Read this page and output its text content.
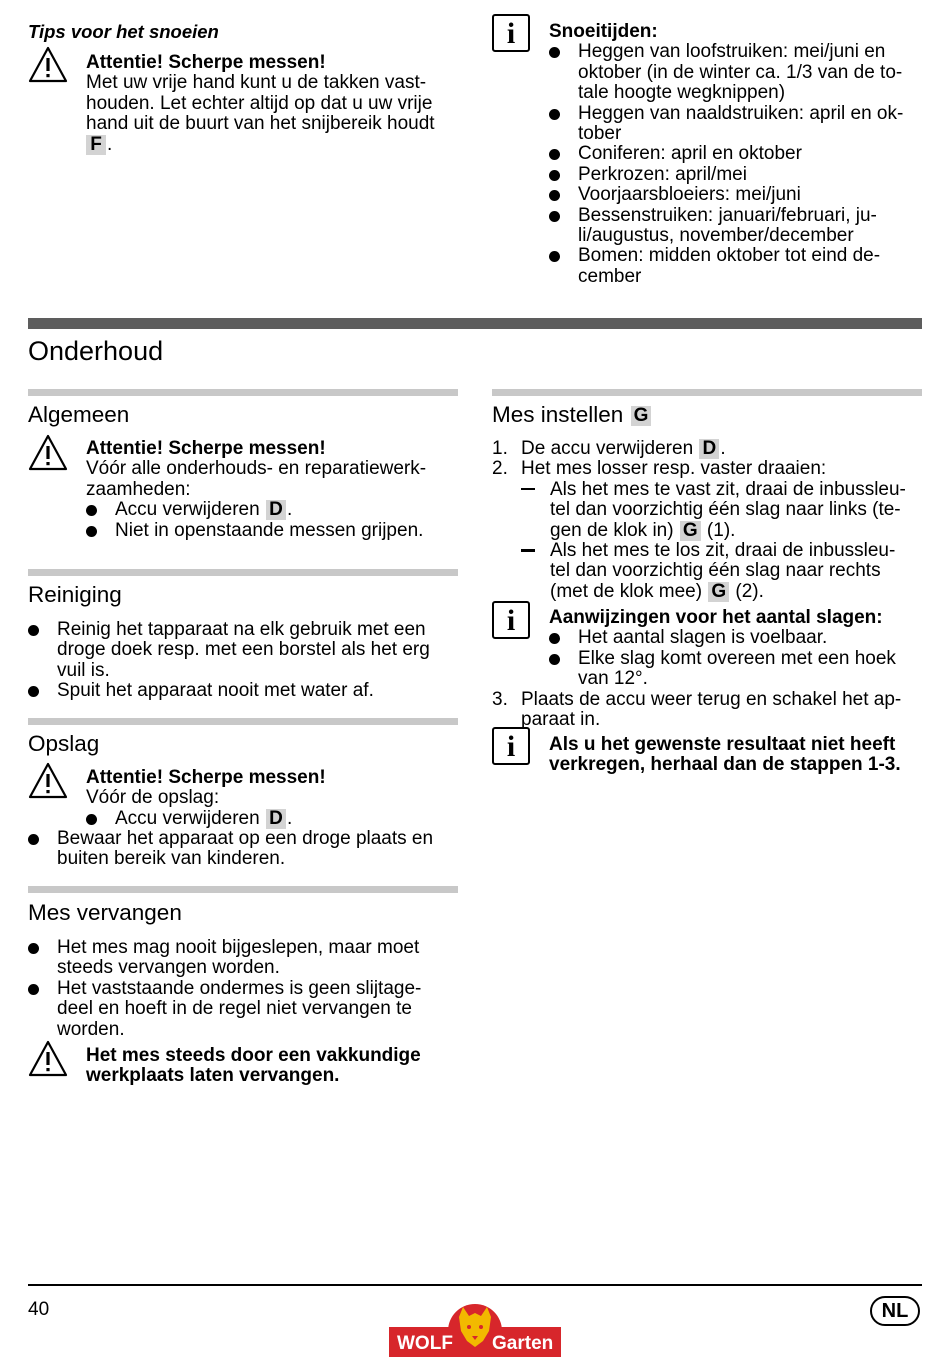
Tips voor het snoeien
Attentie! Scherpe messen!
Met uw vrije hand kunt u de takken vast-
houden. Let echter altijd op dat u uw vrije
hand uit de buurt van het snijbereik houdt
F .
i	Snoeitijden:
Heggen van loofstruiken: mei/juni en
oktober (in de winter ca. 1/3 van de to-
tale hoogte wegknippen)
Heggen van naaldstruiken: april en ok-
tober
Coniferen: april en oktober
Perkrozen: april/mei
Voorjaarsbloeiers: mei/juni
Bessenstruiken: januari/februari, ju-
li/augustus, november/december
Bomen: midden oktober tot eind de-
cember
Onderhoud
Algemeen
Attentie! Scherpe messen!
Vóór alle onderhouds- en reparatiewerk-
zaamheden:
Accu verwijderen D .
Niet in openstaande messen grijpen.
Reiniging
Reinig het tapparaat na elk gebruik met een
droge doek resp. met een borstel als het erg
vuil is.
Spuit het apparaat nooit met water af.
Opslag
Attentie! Scherpe messen!
Vóór de opslag:
Accu verwijderen D .
Bewaar het apparaat op een droge plaats en
buiten bereik van kinderen.
Mes vervangen
Het mes mag nooit bijgeslepen, maar moet
steeds vervangen worden.
Het vaststaande ondermes is geen slijtage-
deel en hoeft in de regel niet vervangen te
worden.
Het mes steeds door een vakkundige
werkplaats laten vervangen.
Mes instellen G
1. De accu verwijderen D .
2. Het mes losser resp. vaster draaien:
Als het mes te vast zit, draai de inbussleu-
tel dan voorzichtig één slag naar links (te-
gen de klok in) G (1).
Als het mes te los zit, draai de inbussleu-
tel dan voorzichtig één slag naar rechts
(met de klok mee) G (2).
i	Aanwijzingen voor het aantal slagen:
Het aantal slagen is voelbaar.
Elke slag komt overeen met een hoek
van 12°.
3. Plaats de accu weer terug en schakel het ap-
paraat in.
i	Als u het gewenste resultaat niet heeft
verkregen, herhaal dan de stappen 1-3.
40	NL
WOLF Garten
